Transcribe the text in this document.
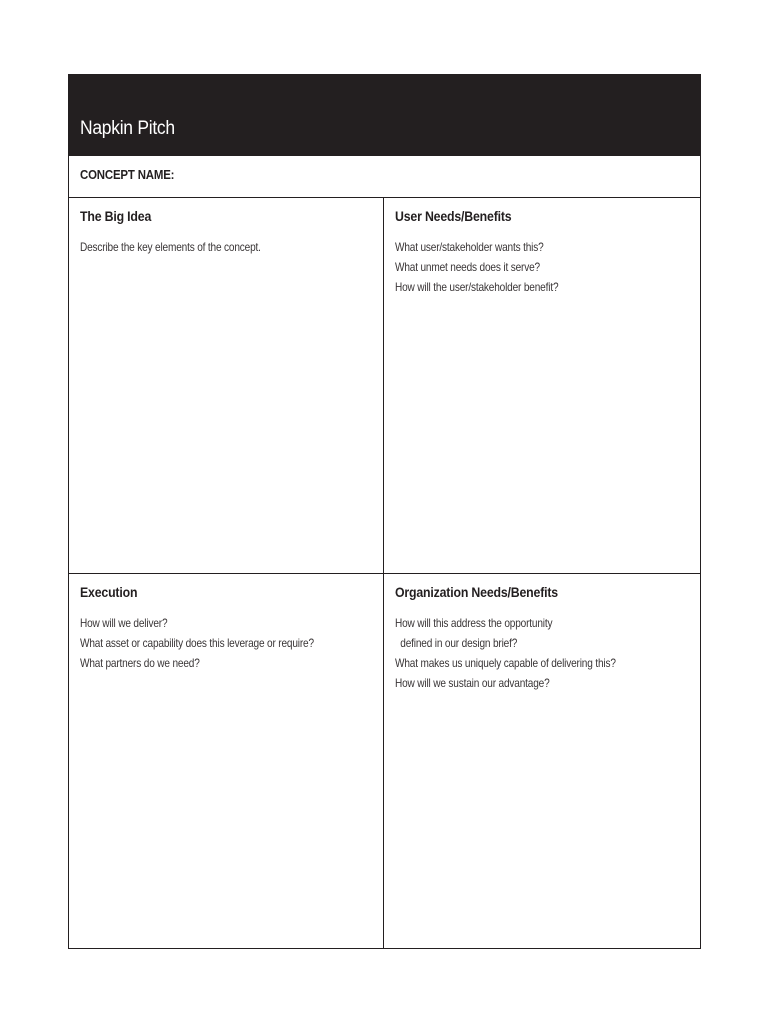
Napkin Pitch
CONCEPT NAME:
The Big Idea
Describe the key elements of the concept.
User Needs/Benefits
What user/stakeholder wants this?
What unmet needs does it serve?
How will the user/stakeholder benefit?
Execution
How will we deliver?
What asset or capability does this leverage or require?
What partners do we need?
Organization Needs/Benefits
How will this address the opportunity
defined in our design brief?
What makes us uniquely capable of delivering this?
How will we sustain our advantage?
